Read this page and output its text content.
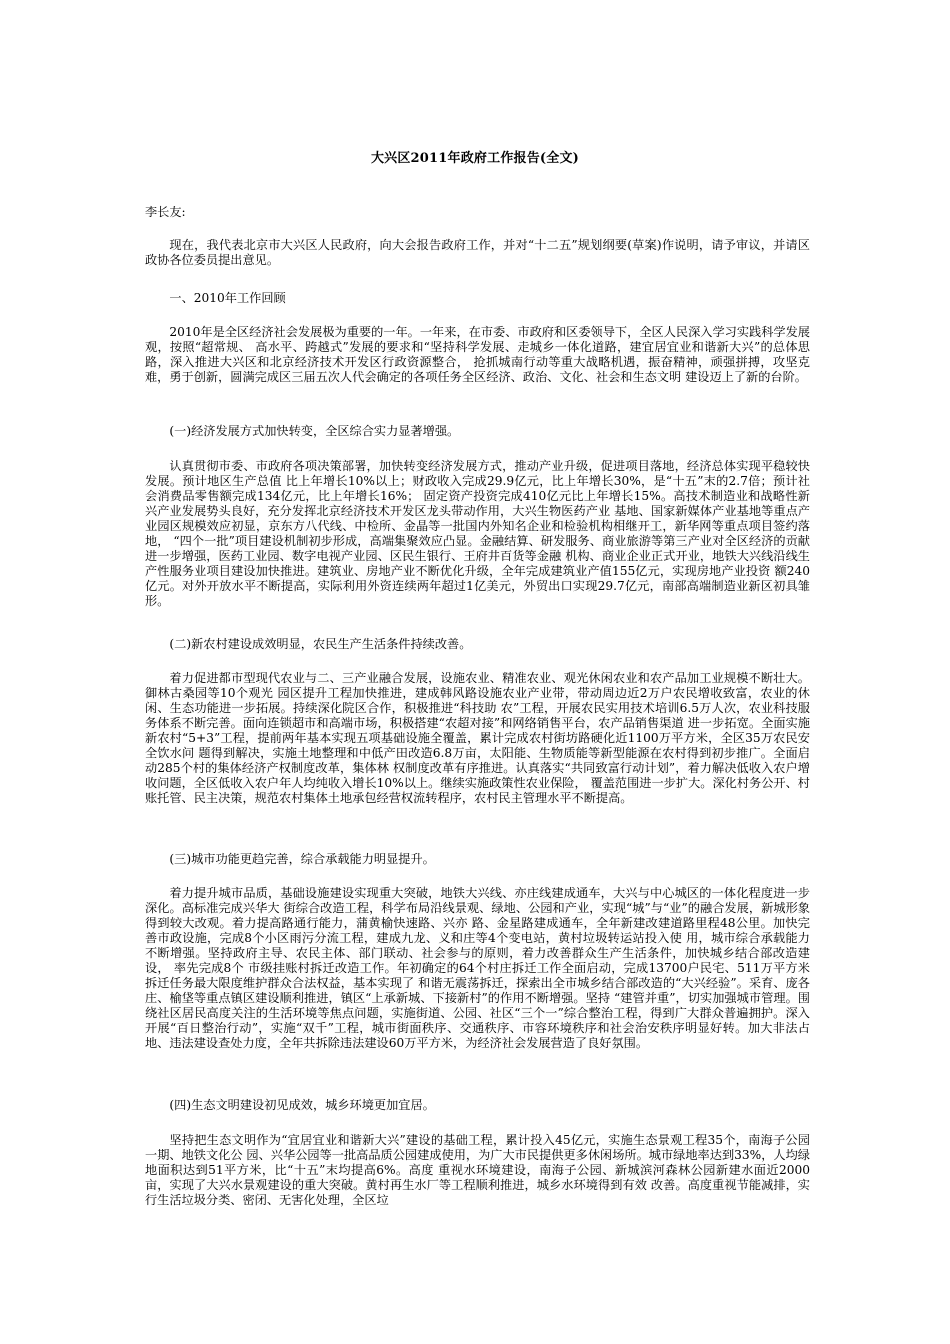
大兴区2011年政府工作报告(全文)
李长友:
现在，我代表北京市大兴区人民政府，向大会报告政府工作，并对“十二五”规划纲要(草案)作说明，请予审议，并请区政协各位委员提出意见。
一、2010年工作回顾
2010年是全区经济社会发展极为重要的一年。一年来，在市委、市政府和区委领导下，全区人民深入学习实践科学发展观，按照“超常规、 高水平、跨越式”发展的要求和“坚持科学发展、走城乡一体化道路，建宜居宜业和谐新大兴”的总体思路，深入推进大兴区和北京经济技术开发区行政资源整合， 抢抓城南行动等重大战略机遇，振奋精神，顽强拼搏，攻坚克难，勇于创新，圆满完成区三届五次人代会确定的各项任务全区经济、政治、文化、社会和生态文明 建设迈上了新的台阶。
(一)经济发展方式加快转变，全区综合实力显著增强。
认真贯彻市委、市政府各项决策部署，加快转变经济发展方式，推动产业升级，促进项目落地，经济总体实现平稳较快发展。预计地区生产总值 比上年增长10%以上；财政收入完成29.9亿元，比上年增长30%，是“十五”末的2.7倍；预计社会消费品零售额完成134亿元，比上年增长16%； 固定资产投资完成410亿元比上年增长15%。高技术制造业和战略性新兴产业发展势头良好，充分发挥北京经济技术开发区龙头带动作用，大兴生物医药产业 基地、国家新媒体产业基地等重点产业园区规模效应初显，京东方八代线、中检所、金晶等一批国内外知名企业和检验机构相继开工，新华网等重点项目签约落地， “四个一批”项目建设机制初步形成，高端集聚效应凸显。金融结算、研发服务、商业旅游等第三产业对全区经济的贡献进一步增强，医药工业园、数字电视产业园、区民生银行、王府井百货等金融 机构、商业企业正式开业，地铁大兴线沿线生产性服务业项目建设加快推进。建筑业、房地产业不断优化升级，全年完成建筑业产值155亿元，实现房地产业投资 额240亿元。对外开放水平不断提高，实际利用外资连续两年超过1亿美元，外贸出口实现29.7亿元，南部高端制造业新区初具雏形。
(二)新农村建设成效明显，农民生产生活条件持续改善。
着力促进都市型现代农业与二、三产业融合发展，设施农业、精准农业、观光休闲农业和农产品加工业规模不断壮大。御林古桑园等10个观光 园区提升工程加快推进，建成韩风路设施农业产业带，带动周边近2万户农民增收致富，农业的休闲、生态功能进一步拓展。持续深化院区合作，积极推进“科技助 农”工程，开展农民实用技术培训6.5万人次，农业科技服务体系不断完善。面向连锁超市和高端市场，积极搭建“农超对接”和网络销售平台，农产品销售渠道 进一步拓宽。全面实施新农村“5+3”工程，提前两年基本实现五项基础设施全覆盖，累计完成农村街坊路硬化近1100万平方米，全区35万农民安全饮水问 题得到解决，实施土地整理和中低产田改造6.8万亩，太阳能、生物质能等新型能源在农村得到初步推广。全面启动285个村的集体经济产权制度改革，集体林 权制度改革有序推进。认真落实“共同致富行动计划”，着力解决低收入农户增收问题，全区低收入农户年人均纯收入增长10%以上。继续实施政策性农业保险， 覆盖范围进一步扩大。深化村务公开、村账托管、民主决策，规范农村集体土地承包经营权流转程序，农村民主管理水平不断提高。
(三)城市功能更趋完善，综合承载能力明显提升。
着力提升城市品质，基础设施建设实现重大突破，地铁大兴线、亦庄线建成通车，大兴与中心城区的一体化程度进一步深化。高标准完成兴华大 街综合改造工程，科学布局沿线景观、绿地、公园和产业，实现“城”与“业”的融合发展，新城形象得到较大改观。着力提高路通行能力，蒲黄榆快速路、兴亦 路、金星路建成通车，全年新建改建道路里程48公里。加快完善市政设施，完成8个小区雨污分流工程，建成九龙、义和庄等4个变电站，黄村垃圾转运站投入使 用，城市综合承载能力不断增强。坚持政府主导、农民主体、部门联动、社会参与的原则，着力改善群众生产生活条件，加快城乡结合部改造建设， 率先完成8个 市级挂账村拆迁改造工作。年初确定的64个村庄拆迁工作全面启动，完成13700户民宅、511万平方米拆迁任务最大限度维护群众合法权益，基本实现了 和谐无震荡拆迁，探索出全市城乡结合部改造的“大兴经验”。采育、庞各庄、榆垡等重点镇区建设顺利推进，镇区“上承新城、下接新村”的作用不断增强。坚持 “建管并重”，切实加强城市管理。围绕社区居民高度关注的生活环境等焦点问题，实施街道、公园、社区“三个一”综合整治工程，得到广大群众普遍拥护。深入 开展“百日整治行动”，实施“双千”工程，城市街面秩序、交通秩序、市容环境秩序和社会治安秩序明显好转。加大非法占地、违法建设查处力度，全年共拆除违法建设60万平方米，为经济社会发展营造了良好氛围。
(四)生态文明建设初见成效，城乡环境更加宜居。
坚持把生态文明作为“宜居宜业和谐新大兴”建设的基础工程，累计投入45亿元，实施生态景观工程35个，南海子公园一期、地铁文化公 园、兴华公园等一批高品质公园建成使用，为广大市民提供更多休闲场所。城市绿地率达到33%，人均绿地面积达到51平方米，比“十五”末均提高6%。高度 重视水环境建设，南海子公园、新城滨河森林公园新建水面近2000亩，实现了大兴水景观建设的重大突破。黄村再生水厂等工程顺利推进，城乡水环境得到有效 改善。高度重视节能减排，实行生活垃圾分类、密闭、无害化处理，全区垃
